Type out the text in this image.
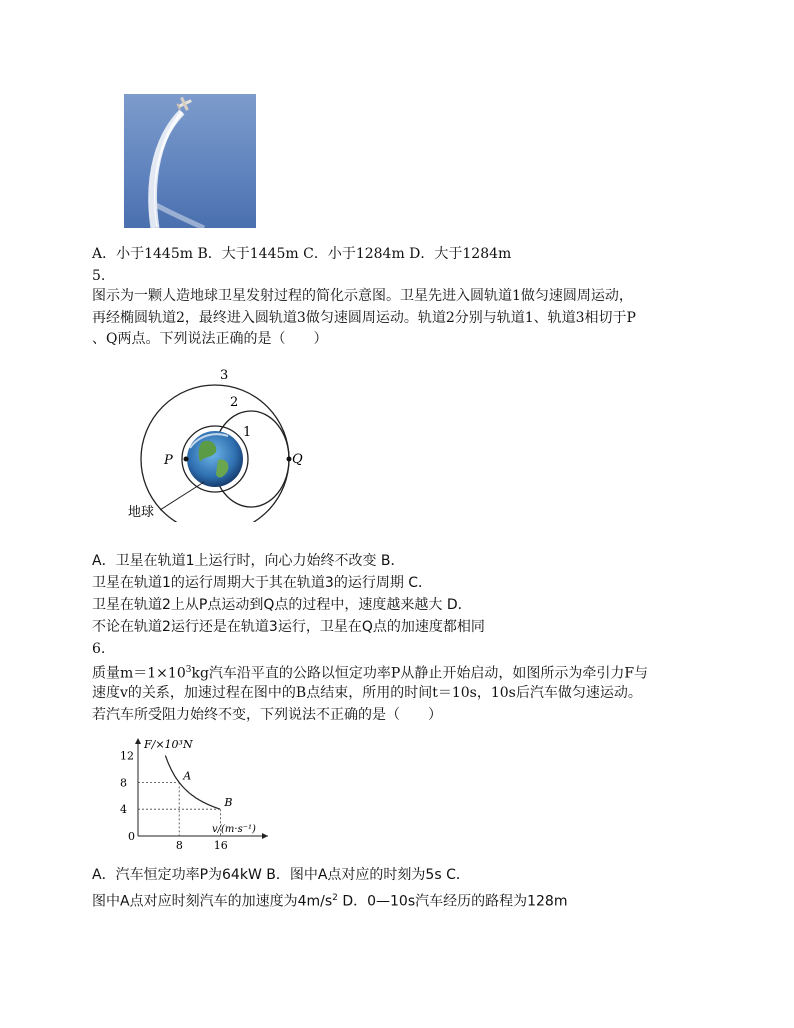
A．小于1445m B．大于1445m C．小于1284m D．大于1284m
5.
图示为一颗人造地球卫星发射过程的简化示意图。卫星先进入圆轨道1做匀速圆周运动，
再经椭圆轨道2，最终进入圆轨道3做匀速圆周运动。轨道2分别与轨道1、轨道3相切于P
、Q两点。下列说法正确的是（　　）
3
2
1
P	Q
地球
A．卫星在轨道1上运行时，向心力始终不改变 B．
卫星在轨道1的运行周期大于其在轨道3的运行周期 C．
卫星在轨道2上从P点运动到Q点的过程中，速度越来越大 D．
不论在轨道2运行还是在轨道3运行，卫星在Q点的加速度都相同
6.
质量$m=1\times 10^3kg$汽车沿平直的公路以恒定功率P从静止开始启动，如图所示为牵引力F与
速度v的关系，加速过程在图中的B点结束，所用的时间t＝10s，10s后汽车做匀速运动。
若汽车所受阻力始终不变，下列说法不正确的是（　　）
F/×10³N
v/(m·s⁻¹)
A
B
0
4
8
12
8	16
A．汽车恒定功率P为64kW B．图中A点对应的时刻为5s C．
图中A点对应时刻汽车的加速度为$4m/s^2$ D．0—10s汽车经历的路程为128m
